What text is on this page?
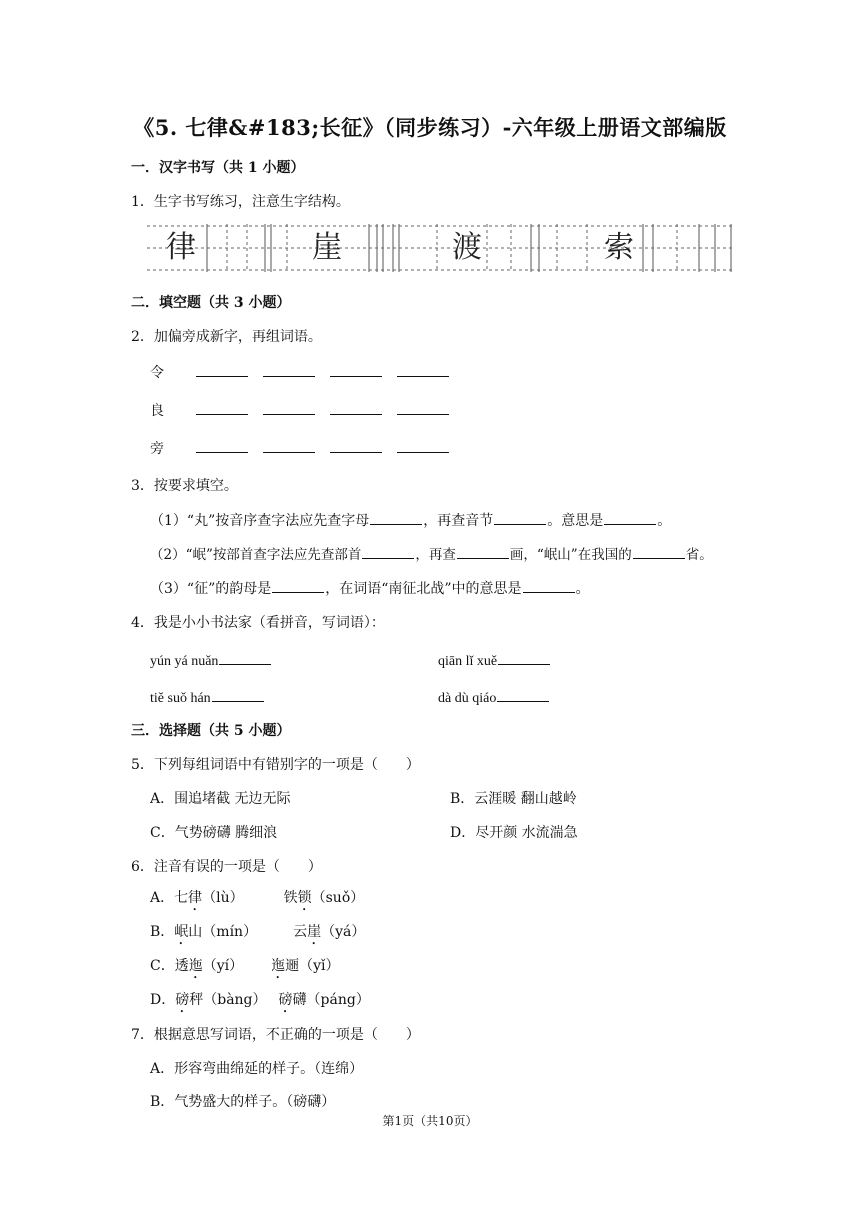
《5. 七律&#183;长征》（同步练习）-六年级上册语文部编版
一．汉字书写（共 1 小题）
1．生字书写练习，注意生字结构。
律	崖	渡	索
二．填空题（共 3 小题）
2．加偏旁成新字，再组词语。
令
良
旁
3．按要求填空。
（1）“丸”按音序查字法应先查字母	，再查音节	。意思是	。
（2）“岷”按部首查字法应先查部首	，再查	画，“岷山”在我国的	省。
（3）“征”的韵母是	，在词语“南征北战”中的意思是	。
4．我是小小书法家（看拼音，写词语）：
yún yá nuǎn	qiān lǐ xuě
tiě suǒ hán	dà dù qiáo
三．选择题（共 5 小题）
5．下列每组词语中有错别字的一项是（　　）
A．围追堵截 无边无际	B．云涯暖 翻山越岭
C．气势磅礴 腾细浪	D．尽开颜 水流湍急
6．注音有误的一项是（　　）
A．七律（lù）	铁锁（suǒ）
B．岷山（mín）	云崖（yá）
C．透迤（yí） 迤逦（yǐ）
D．磅秤（bàng） 磅礴（páng）
7．根据意思写词语，不正确的一项是（　　）
A．形容弯曲绵延的样子。（连绵）
B．气势盛大的样子。（磅礴）
第1页（共10页）
